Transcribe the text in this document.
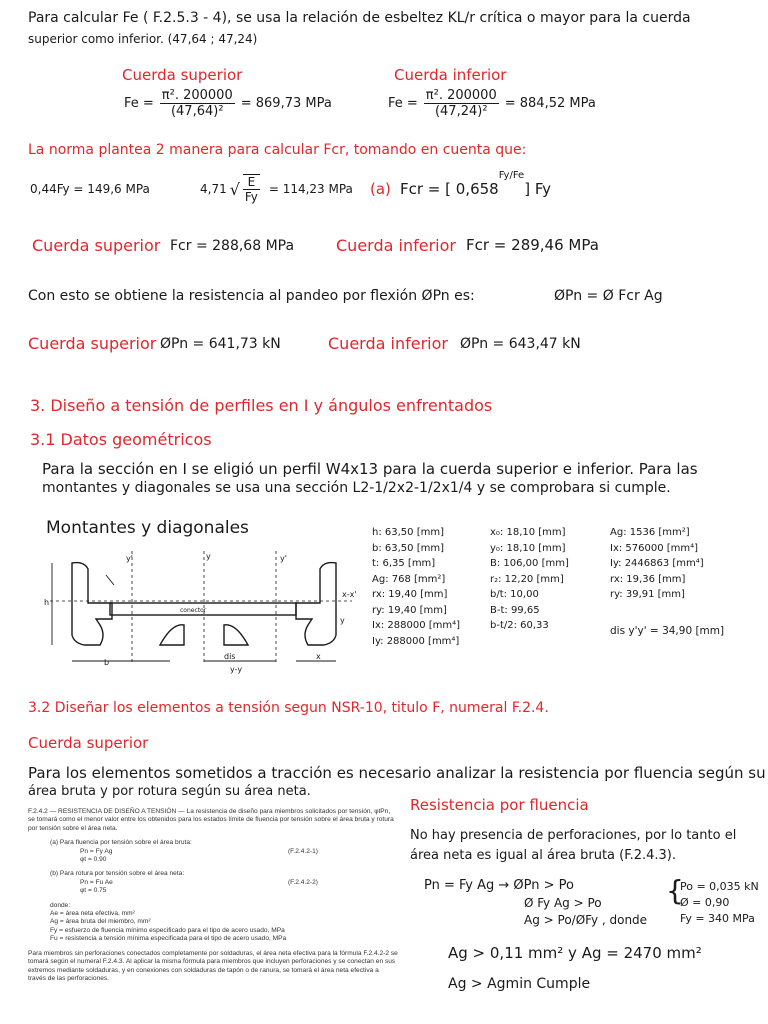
Para calcular Fe ( F.2.5.3 - 4), se usa la relación de esbeltez KL/r crítica o mayor para la cuerda
superior como inferior. (47,64 ; 47,24)
Cuerda superior	Cuerda inferior
$Fe = \frac{\text{π². 200000}}{\text{(47,64)²}} = 869,73$ MPa	$Fe = \frac{\text{π². 200000}}{\text{(47,24)²}} = 884,52$ MPa
La norma plantea 2 manera para calcular Fcr, tomando en cuenta que:
0,44Fy = 149,6 MPa	4,71 √ $\frac{E}{Fy} = 114,23$ MPa (a) Fcr = [ $0,658^{Fy/Fe}$] Fy
Cuerda superior Fcr = 288,68 MPa	Cuerda inferior Fcr = 289,46 MPa
Con esto se obtiene la resistencia al pandeo por flexión ØPn es:	ØPn = Ø Fcr Ag
Cuerda superior ØPn = 641,73 kN	Cuerda inferior ØPn = 643,47 kN
3. Diseño a tensión de perfiles en I y ángulos enfrentados
3.1 Datos geométricos
Para la sección en I se eligió un perfil W4x13 para la cuerda superior e inferior. Para las
montantes y diagonales se usa una sección L2-1/2x2-1/2x1/4 y se comprobara si cumple.
Montantes y diagonales
h
conector
b
dis
y-y
x
y'	y'
y
x-x'
y
h: 63,50 [mm]
b: 63,50 [mm]
t: 6,35 [mm]
Ag: 768 [mm²]
rx: 19,40 [mm]
ry: 19,40 [mm]
Ix: 288000 [mm⁴]
Iy: 288000 [mm⁴]
x₀: 18,10 [mm]
y₀: 18,10 [mm]
B: 106,00 [mm]
r₂: 12,20 [mm]
b/t: 10,00
B-t: 99,65
b-t/2: 60,33
Ag: 1536 [mm²]
Ix: 576000 [mm⁴]
Iy: 2446863 [mm⁴]
rx: 19,36 [mm]
ry: 39,91 [mm]
dis y'y' = 34,90 [mm]
3.2 Diseñar los elementos a tensión segun NSR-10, titulo F, numeral F.2.4.
Cuerda superior
Para los elementos sometidos a tracción es necesario analizar la resistencia por fluencia según su
área bruta y por rotura según su área neta.

F.2.4.2 — RESISTENCIA DE DISEÑO A TENSIÓN — La resistencia de diseño para miembros solicitados por tensión, φtPn, se tomará como el menor valor entre los obtenidos para los estados límite de fluencia por tensión sobre el área bruta y rotura por tensión sobre el área neta.

(a) Para fluencia por tensión sobre el área bruta:

Pn = Fy Ag	(F.2.4.2-1)

φt = 0.90

(b) Para rotura por tensión sobre el área neta:

Pn = Fu Ae	(F.2.4.2-2)

φt = 0.75

donde:

Ae = área neta efectiva, mm²

Ag = área bruta del miembro, mm²

Fy = esfuerzo de fluencia mínimo especificado para el tipo de acero usado, MPa

Fu = resistencia a tensión mínima especificada para el tipo de acero usado, MPa

Para miembros sin perforaciones conectados completamente por soldaduras, el área neta efectiva para la fórmula F.2.4.2-2 se tomará según el numeral F.2.4.3. Al aplicar la misma fórmula para miembros que incluyen perforaciones y se conectan en sus extremos mediante soldaduras, y en conexiones con soldaduras de tapón o de ranura, se tomará el área neta efectiva a través de las perforaciones.

Resistencia por fluencia
No hay presencia de perforaciones, por lo tanto el
área neta es igual al área bruta (F.2.4.3).
Pn = Fy Ag → ØPn > Po
Ø Fy Ag > Po
Ag > Po/ØFy , donde
{
Po = 0,035 kN
Ø = 0,90
Fy = 340 MPa
Ag > 0,11 mm² y Ag = 2470 mm²
Ag > Agmin Cumple
